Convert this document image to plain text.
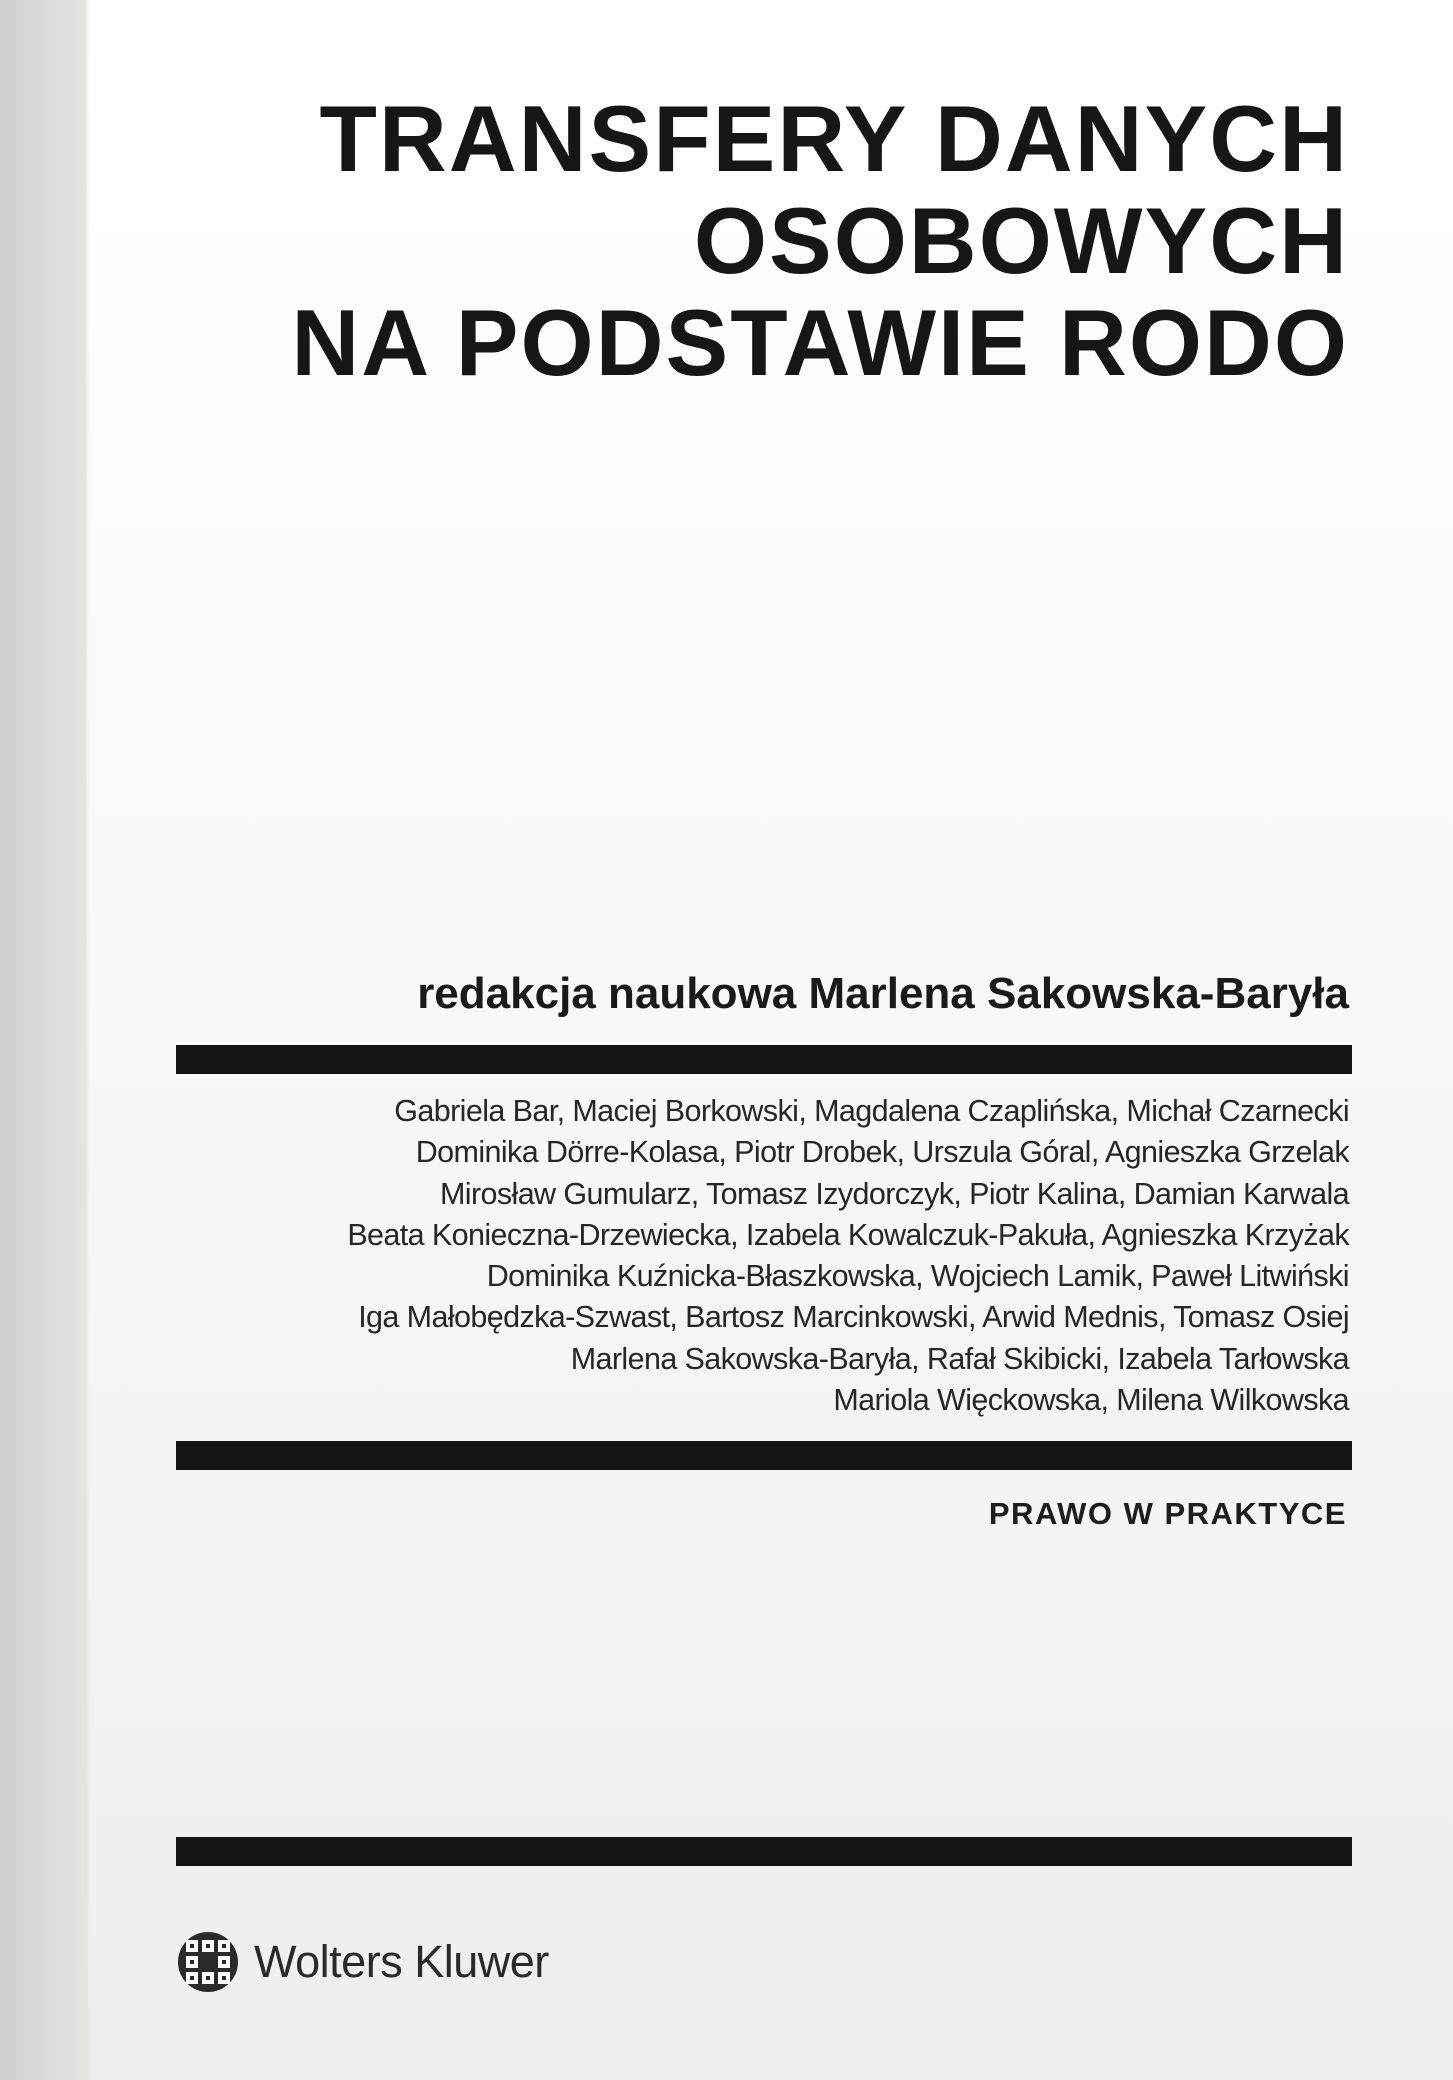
TRANSFERY DANYCH
OSOBOWYCH
NA PODSTAWIE RODO
redakcja naukowa Marlena Sakowska-Baryła
Gabriela Bar, Maciej Borkowski, Magdalena Czaplińska, Michał Czarnecki
Dominika Dörre-Kolasa, Piotr Drobek, Urszula Góral, Agnieszka Grzelak
Mirosław Gumularz, Tomasz Izydorczyk, Piotr Kalina, Damian Karwala
Beata Konieczna-Drzewiecka, Izabela Kowalczuk-Pakuła, Agnieszka Krzyżak
Dominika Kuźnicka-Błaszkowska, Wojciech Lamik, Paweł Litwiński
Iga Małobędzka-Szwast, Bartosz Marcinkowski, Arwid Mednis, Tomasz Osiej
Marlena Sakowska-Baryła, Rafał Skibicki, Izabela Tarłowska
Mariola Więckowska, Milena Wilkowska
PRAWO W PRAKTYCE
Wolters Kluwer
